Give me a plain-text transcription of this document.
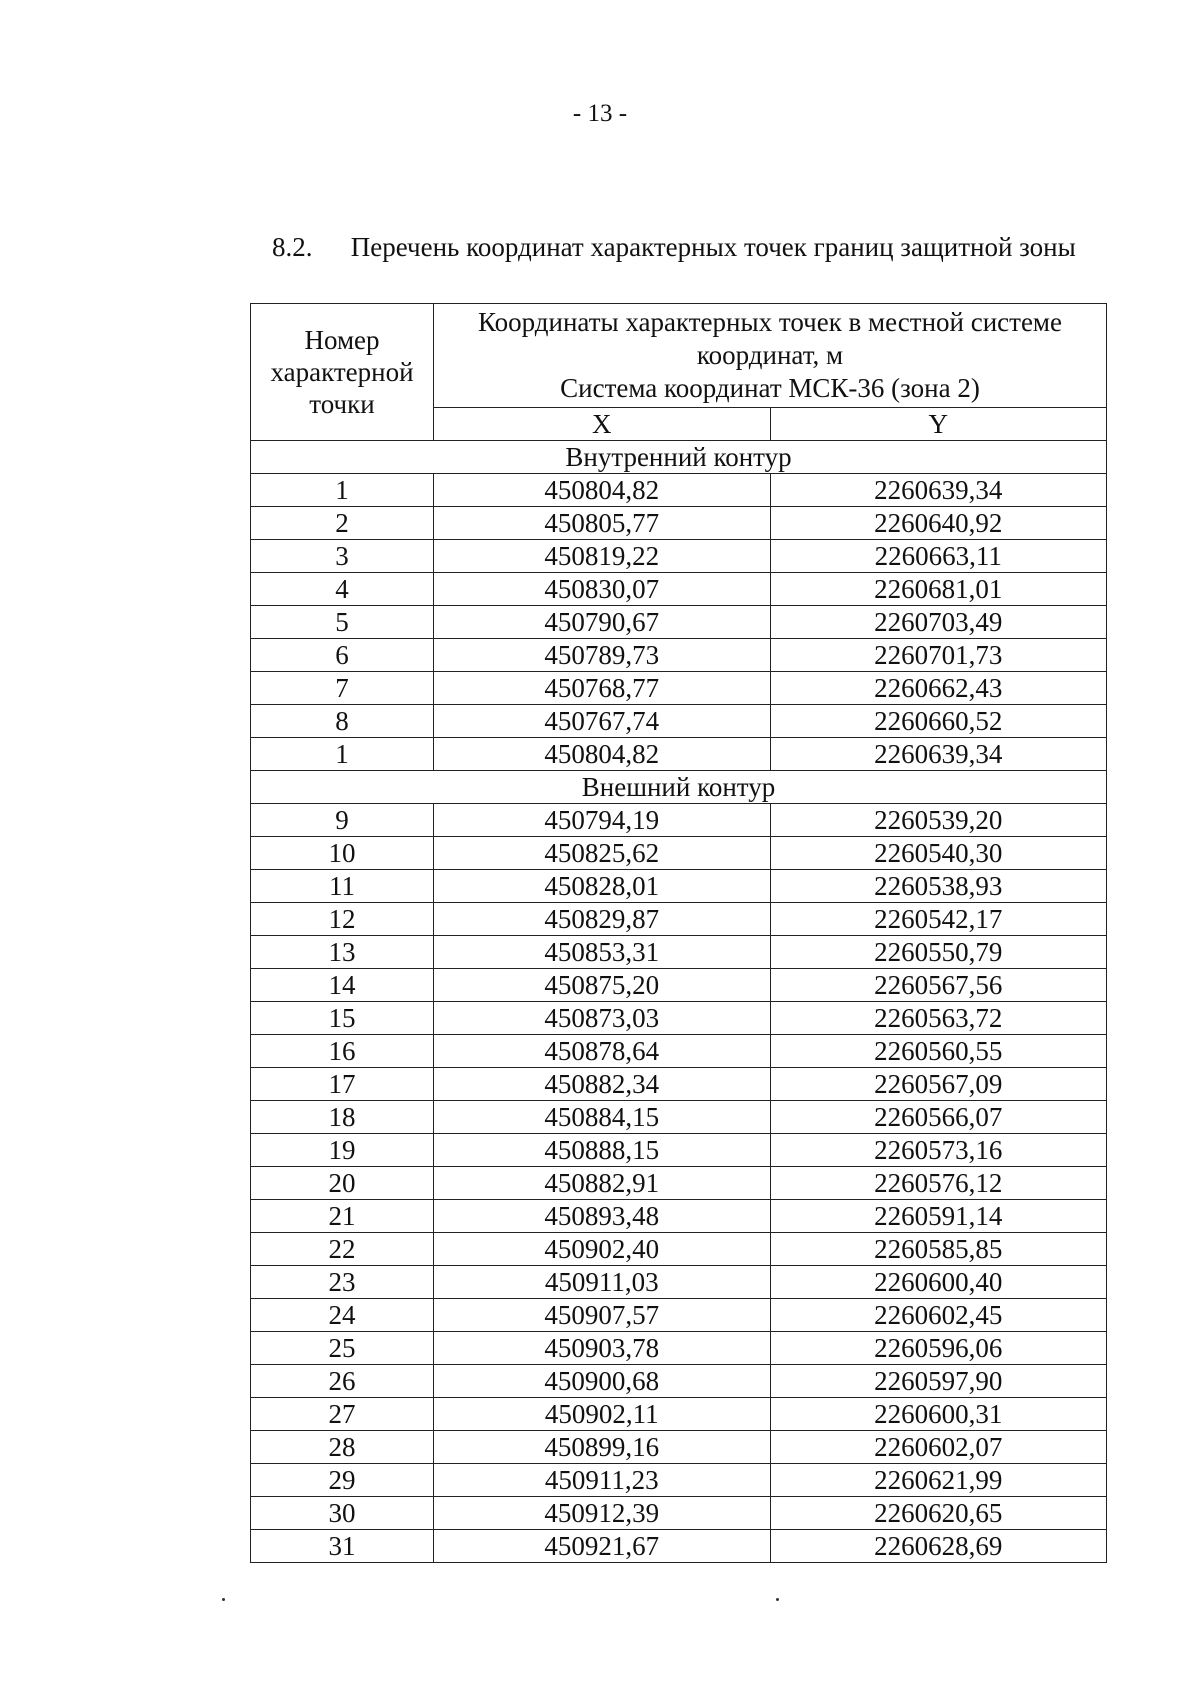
- 13 -
8.2. Перечень координат характерных точек границ защитной зоны
Номер характерной точки	Координаты характерных точек в местной системе
координат, м
Система координат МСК-36 (зона 2)	

	X	Y
Внутренний контур		
1	450804,82	2260639,34
2	450805,77	2260640,92
3	450819,22	2260663,11
4	450830,07	2260681,01
5	450790,67	2260703,49
6	450789,73	2260701,73
7	450768,77	2260662,43
8	450767,74	2260660,52
1	450804,82	2260639,34
Внешний контур		
9	450794,19	2260539,20
10	450825,62	2260540,30
11	450828,01	2260538,93
12	450829,87	2260542,17
13	450853,31	2260550,79
14	450875,20	2260567,56
15	450873,03	2260563,72
16	450878,64	2260560,55
17	450882,34	2260567,09
18	450884,15	2260566,07
19	450888,15	2260573,16
20	450882,91	2260576,12
21	450893,48	2260591,14
22	450902,40	2260585,85
23	450911,03	2260600,40
24	450907,57	2260602,45
25	450903,78	2260596,06
26	450900,68	2260597,90
27	450902,11	2260600,31
28	450899,16	2260602,07
29	450911,23	2260621,99
30	450912,39	2260620,65
31	450921,67	2260628,69
